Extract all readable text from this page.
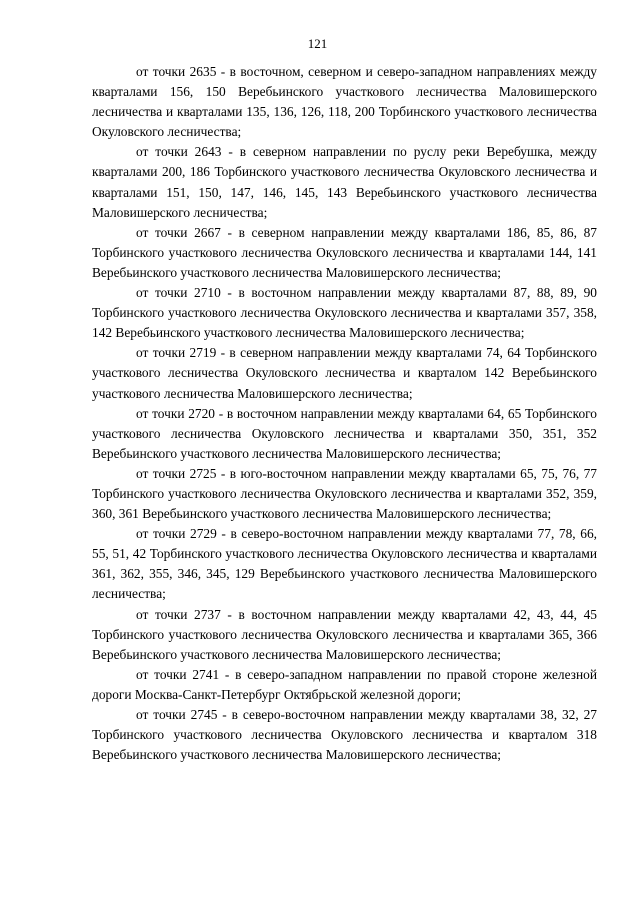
121

от точки 2635 - в восточном, северном и северо-западном направлениях между кварталами 156, 150 Веребьинского участкового лесничества Маловишерского лесничества и кварталами 135, 136, 126, 118, 200 Торбинского участкового лесничества Окуловского лесничества;

от точки 2643 - в северном направлении по руслу реки Веребушка, между кварталами 200, 186 Торбинского участкового лесничества Окуловского лесничества и кварталами 151, 150, 147, 146, 145, 143 Веребьинского участкового лесничества Маловишерского лесничества;

от точки 2667 - в северном направлении между кварталами 186, 85, 86, 87 Торбинского участкового лесничества Окуловского лесничества и кварталами 144, 141 Веребьинского участкового лесничества Маловишерского лесничества;

от точки 2710 - в восточном направлении между кварталами 87, 88, 89, 90 Торбинского участкового лесничества Окуловского лесничества и кварталами 357, 358, 142 Веребьинского участкового лесничества Маловишерского лесничества;

от точки 2719 - в северном направлении между кварталами 74, 64 Торбинского участкового лесничества Окуловского лесничества и кварталом 142 Веребьинского участкового лесничества Маловишерского лесничества;

от точки 2720 - в восточном направлении между кварталами 64, 65 Торбинского участкового лесничества Окуловского лесничества и кварталами 350, 351, 352 Веребьинского участкового лесничества Маловишерского лесничества;

от точки 2725 - в юго-восточном направлении между кварталами 65, 75, 76, 77 Торбинского участкового лесничества Окуловского лесничества и кварталами 352, 359, 360, 361 Веребьинского участкового лесничества Маловишерского лесничества;

от точки 2729 - в северо-восточном направлении между кварталами 77, 78, 66, 55, 51, 42 Торбинского участкового лесничества Окуловского лесничества и кварталами 361, 362, 355, 346, 345, 129 Веребьинского участкового лесничества Маловишерского лесничества;

от точки 2737 - в восточном направлении между кварталами 42, 43, 44, 45 Торбинского участкового лесничества Окуловского лесничества и кварталами 365, 366 Веребьинского участкового лесничества Маловишерского лесничества;

от точки 2741 - в северо-западном направлении по правой стороне железной дороги Москва-Санкт-Петербург Октябрьской железной дороги;

от точки 2745 - в северо-восточном направлении между кварталами 38, 32, 27 Торбинского участкового лесничества Окуловского лесничества и кварталом 318 Веребьинского участкового лесничества Маловишерского лесничества;
